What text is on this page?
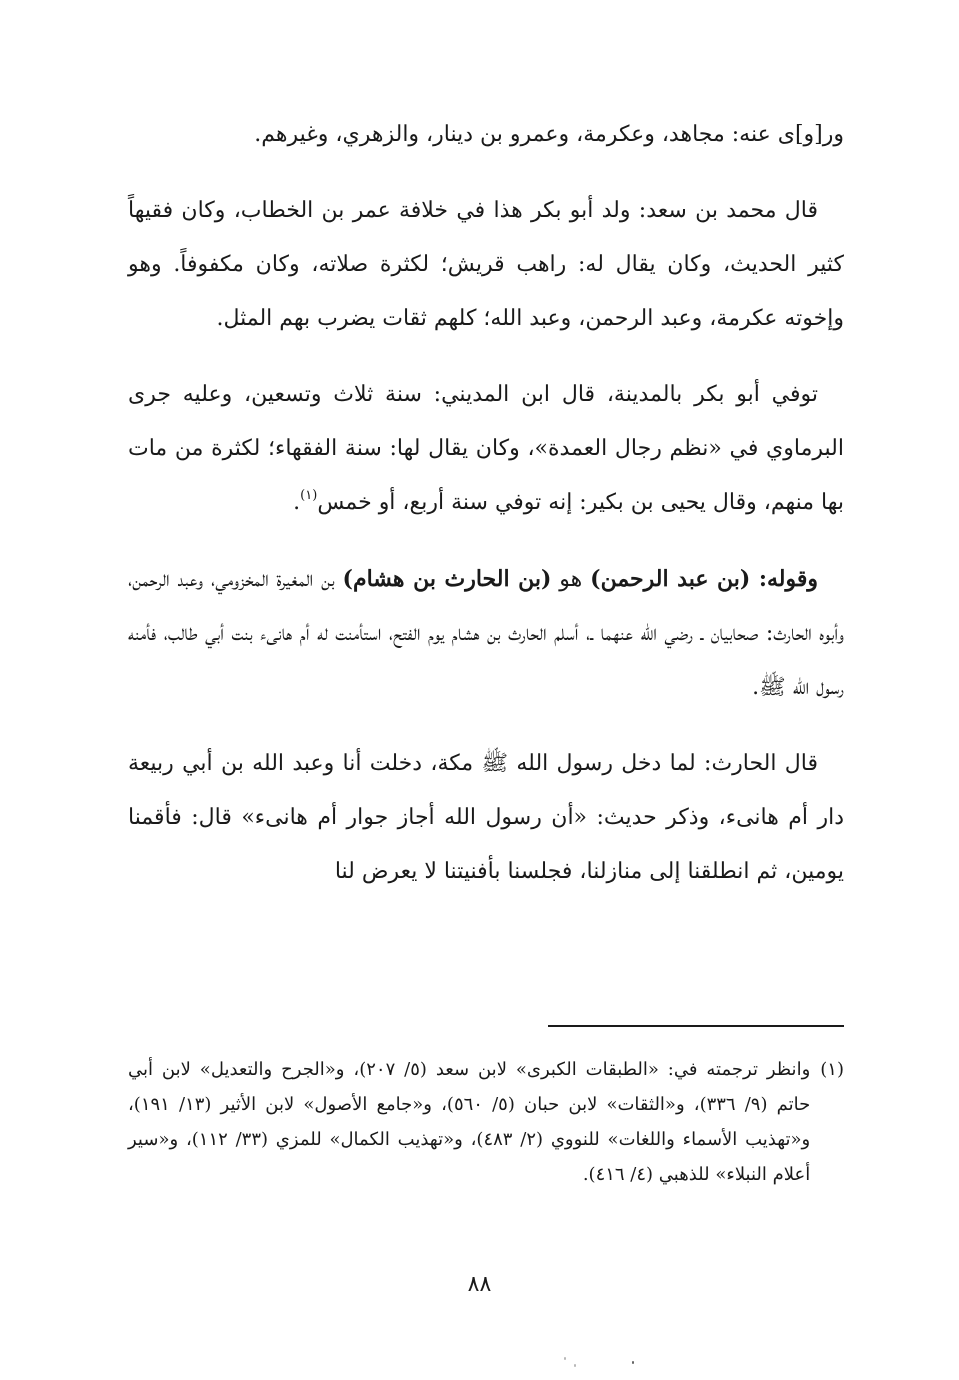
ور[و]ى عنه: مجاهد، وعكرمة، وعمرو بن دينار، والزهري، وغيرهم.

قال محمد بن سعد: ولد أبو بكر هذا في خلافة عمر بن الخطاب، وكان فقيهاً كثير الحديث، وكان يقال له: راهب قريش؛ لكثرة صلاته، وكان مكفوفاً. وهو وإخوته عكرمة، وعبد الرحمن، وعبد الله؛ كلهم ثقات يضرب بهم المثل.

توفي أبو بكر بالمدينة، قال ابن المديني: سنة ثلاث وتسعين، وعليه جرى البرماوي في «نظم رجال العمدة»، وكان يقال لها: سنة الفقهاء؛ لكثرة من مات بها منهم، وقال يحيى بن بكير: إنه توفي سنة أربع، أو خمس$^{(١)}$.

وقوله: (بن عبد الرحمن) هو (بن الحارث بن هشام) بن المغيرة المخزومي، وعبد الرحمن، وأبوه الحارث: صحابيان ـ رضي الله عنهما ـ، أسلم الحارث بن هشام يوم الفتح، استأمنت له أم هانىء بنت أبي طالب، فأمنه رسول الله ﷺ.

قال الحارث: لما دخل رسول الله ﷺ مكة، دخلت أنا وعبد الله بن أبي ربيعة دار أم هانىء، وذكر حديث: «أن رسول الله أجاز جوار أم هانىء» قال: فأقمنا يومين، ثم انطلقنا إلى منازلنا، فجلسنا بأفنيتنا لا يعرض لنا

(١)
وانظر ترجمته في: «الطبقات الكبرى» لابن سعد (٥/ ٢٠٧)، و«الجرح والتعديل» لابن أبي حاتم (٩/ ٣٣٦)، و«الثقات» لابن حبان (٥/ ٥٦٠)، و«جامع الأصول» لابن الأثير (١٣/ ١٩١)، و«تهذيب الأسماء واللغات» للنووي (٢/ ٤٨٣)، و«تهذيب الكمال» للمزي (٣٣/ ١١٢)، و«سير أعلام النبلاء» للذهبي (٤/ ٤١٦).
٨٨
